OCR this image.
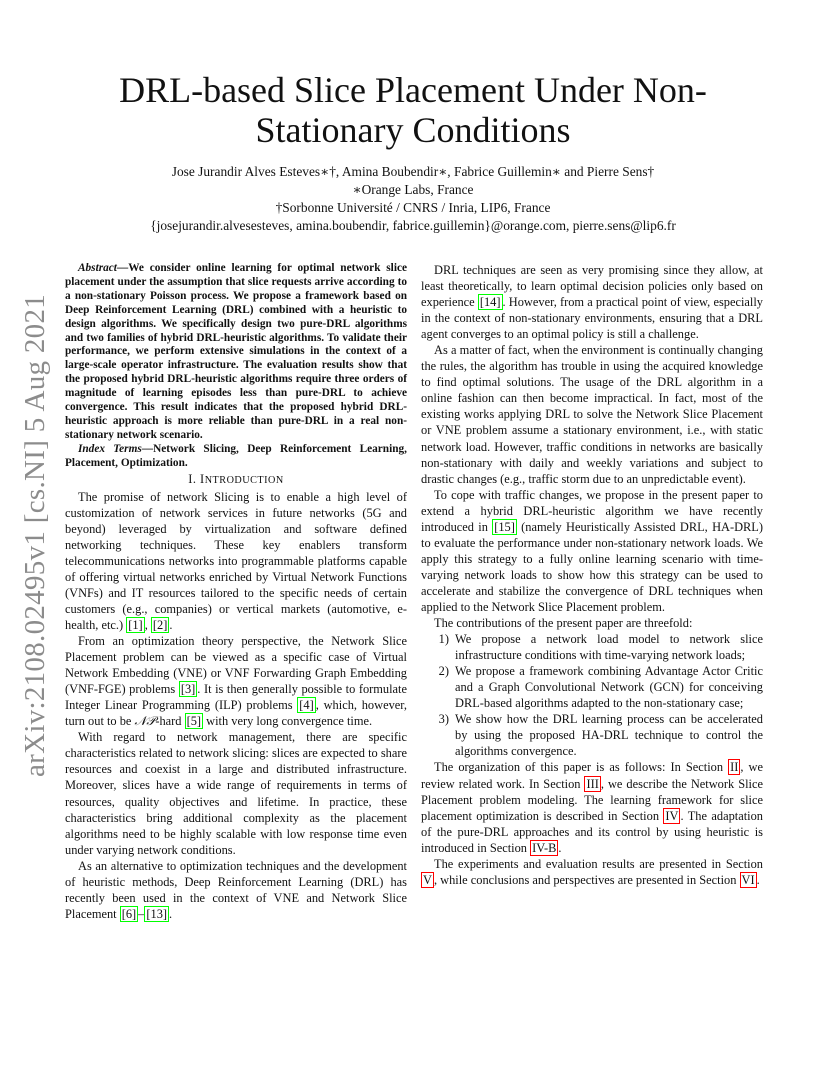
arXiv:2108.02495v1 [cs.NI] 5 Aug 2021
DRL-based Slice Placement Under Non-Stationary Conditions
Jose Jurandir Alves Esteves∗†, Amina Boubendir∗, Fabrice Guillemin∗ and Pierre Sens†
∗Orange Labs, France
†Sorbonne Université / CNRS / Inria, LIP6, France
{josejurandir.alvesesteves, amina.boubendir, fabrice.guillemin}@orange.com, pierre.sens@lip6.fr

Abstract—We consider online learning for optimal network slice placement under the assumption that slice requests arrive according to a non-stationary Poisson process. We propose a framework based on Deep Reinforcement Learning (DRL) combined with a heuristic to design algorithms. We specifically design two pure-DRL algorithms and two families of hybrid DRL-heuristic algorithms. To validate their performance, we perform extensive simulations in the context of a large-scale operator infrastructure. The evaluation results show that the proposed hybrid DRL-heuristic algorithms require three orders of magnitude of learning episodes less than pure-DRL to achieve convergence. This result indicates that the proposed hybrid DRL-heuristic approach is more reliable than pure-DRL in a real non-stationary network scenario.

Index Terms—Network Slicing, Deep Reinforcement Learning, Placement, Optimization.

I. INTRODUCTION

The promise of network Slicing is to enable a high level of customization of network services in future networks (5G and beyond) leveraged by virtualization and software defined networking techniques. These key enablers transform telecommunications networks into programmable platforms capable of offering virtual networks enriched by Virtual Network Functions (VNFs) and IT resources tailored to the specific needs of certain customers (e.g., companies) or vertical markets (automotive, e-health, etc.) [1] , [2] .

From an optimization theory perspective, the Network Slice Placement problem can be viewed as a specific case of Virtual Network Embedding (VNE) or VNF Forwarding Graph Embedding (VNF-FGE) problems [3] . It is then generally possible to formulate Integer Linear Programming (ILP) problems [4] , which, however, turn out to be 𝒩𝒫-hard [5] with very long convergence time.

With regard to network management, there are specific characteristics related to network slicing: slices are expected to share resources and coexist in a large and distributed infrastructure. Moreover, slices have a wide range of requirements in terms of resources, quality objectives and lifetime. In practice, these characteristics bring additional complexity as the placement algorithms need to be highly scalable with low response time even under varying network conditions.

As an alternative to optimization techniques and the development of heuristic methods, Deep Reinforcement Learning (DRL) has recently been used in the context of VNE and Network Slice Placement [6] – [13] .

DRL techniques are seen as very promising since they allow, at least theoretically, to learn optimal decision policies only based on experience [14] . However, from a practical point of view, especially in the context of non-stationary environments, ensuring that a DRL agent converges to an optimal policy is still a challenge.

As a matter of fact, when the environment is continually changing the rules, the algorithm has trouble in using the acquired knowledge to find optimal solutions. The usage of the DRL algorithm in a online fashion can then become impractical. In fact, most of the existing works applying DRL to solve the Network Slice Placement or VNE problem assume a stationary environment, i.e., with static network load. However, traffic conditions in networks are basically non-stationary with daily and weekly variations and subject to drastic changes (e.g., traffic storm due to an unpredictable event).

To cope with traffic changes, we propose in the present paper to extend a hybrid DRL-heuristic algorithm we have recently introduced in [15] (namely Heuristically Assisted DRL, HA-DRL) to evaluate the performance under non-stationary network loads. We apply this strategy to a fully online learning scenario with time-varying network loads to show how this strategy can be used to accelerate and stabilize the convergence of DRL techniques when applied to the Network Slice Placement problem.

The contributions of the present paper are threefold:

1) We propose a network load model to network slice infrastructure conditions with time-varying network loads;
2) We propose a framework combining Advantage Actor Critic and a Graph Convolutional Network (GCN) for conceiving DRL-based algorithms adapted to the non-stationary case;
3) We show how the DRL learning process can be accelerated by using the proposed HA-DRL technique to control the algorithms convergence.

The organization of this paper is as follows: In Section II , we review related work. In Section III , we describe the Network Slice Placement problem modeling. The learning framework for slice placement optimization is described in Section IV . The adaptation of the pure-DRL approaches and its control by using heuristic is introduced in Section IV-B .

The experiments and evaluation results are presented in Section V , while conclusions and perspectives are presented in Section VI .
